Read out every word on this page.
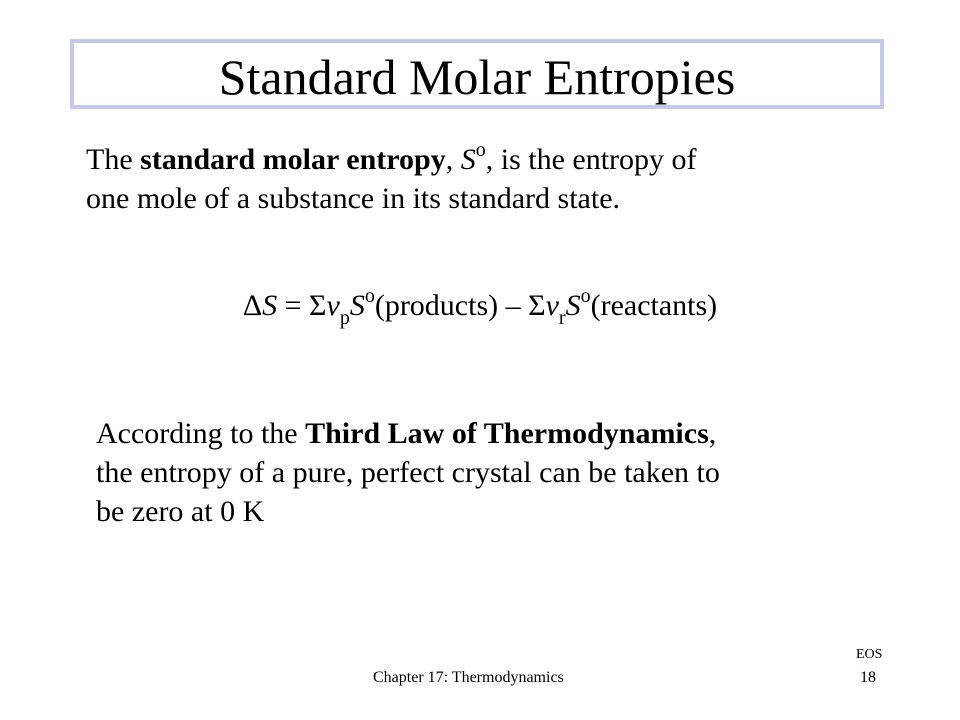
Standard Molar Entropies

The standard molar entropy, $S^o$, is the entropy of
one mole of a substance in its standard state.

$\Delta S = \Sigma\nu_pS^o(products)$ – $\Sigma\nu_rS^o(reactants)$

According to the Third Law of Thermodynamics,
the entropy of a pure, perfect crystal can be taken to
be zero at 0 K

Chapter 17: Thermodynamics
EOS
18
